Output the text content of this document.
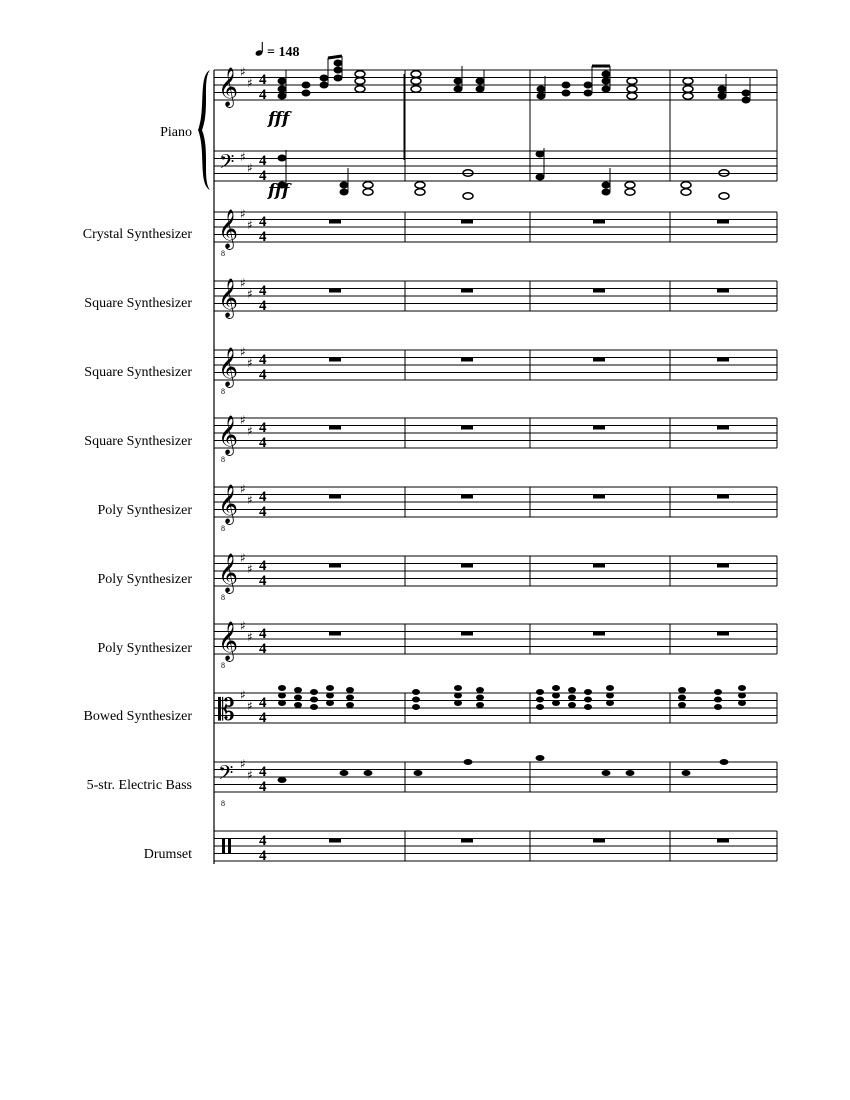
= 148
Piano
Crystal Synthesizer
Square Synthesizer
Square Synthesizer
Square Synthesizer
Poly Synthesizer
Poly Synthesizer
Poly Synthesizer
Bowed Synthesizer
5-str. Electric Bass
Drumset
𝄞
𝄢
♯
♯
♯
♯
4
4
4
4
fff
fff
𝄞
8
♯
♯ 4
4
𝄞 ♯
♯ 4
4
𝄞
8
♯
♯ 4
4
𝄞
8
♯
♯ 4
4
𝄞
8
♯
♯ 4
4
𝄞
8
♯
♯ 4
4
𝄞
8
♯
♯ 4
4
𝄡 ♯
♯ 4
4
𝄢
8
♯
♯ 4
4
4
4
